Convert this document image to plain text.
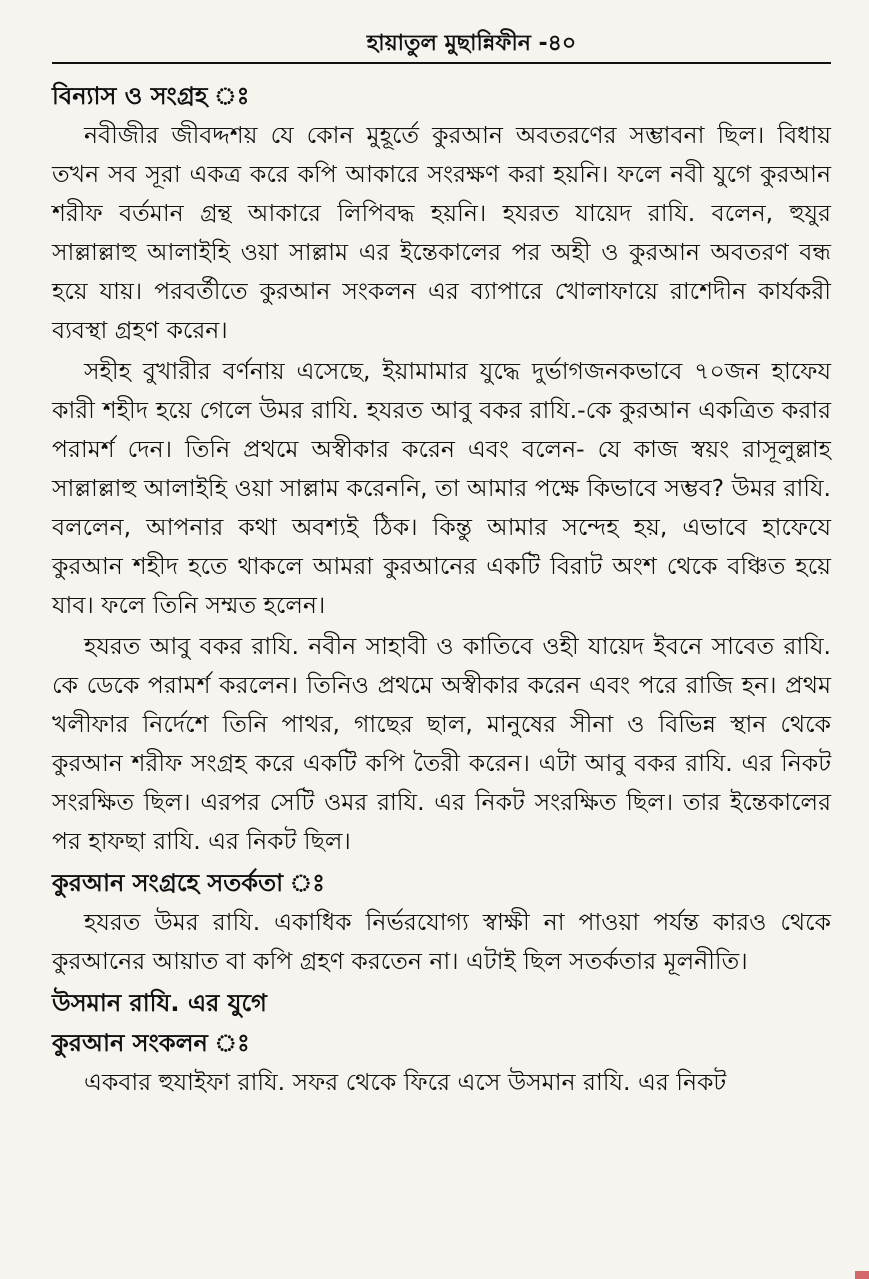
হায়াতুল মুছান্নিফীন -৪০
বিন্যাস ও সংগ্রহ ঃ

নবীজীর জীবদ্দশয় যে কোন মুহূর্তে কুরআন অবতরণের সম্ভাবনা ছিল। বিধায় তখন সব সূরা একত্র করে কপি আকারে সংরক্ষণ করা হয়নি। ফলে নবী যুগে কুরআন শরীফ বর্তমান গ্রন্থ আকারে লিপিবদ্ধ হয়নি। হযরত যায়েদ রাযি. বলেন, হুযুর সাল্লাল্লাহু আলাইহি ওয়া সাল্লাম এর ইন্তেকালের পর অহী ও কুরআন অবতরণ বন্ধ হয়ে যায়। পরবর্তীতে কুরআন সংকলন এর ব্যাপারে খোলাফায়ে রাশেদীন কার্যকরী ব্যবস্থা গ্রহণ করেন।

সহীহ বুখারীর বর্ণনায় এসেছে, ইয়ামামার যুদ্ধে দুর্ভাগজনকভাবে ৭০জন হাফেয কারী শহীদ হয়ে গেলে উমর রাযি. হযরত আবু বকর রাযি.-কে কুরআন একত্রিত করার পরামর্শ দেন। তিনি প্রথমে অস্বীকার করেন এবং বলেন- যে কাজ স্বয়ং রাসূলুল্লাহ সাল্লাল্লাহু আলাইহি ওয়া সাল্লাম করেননি, তা আমার পক্ষে কিভাবে সম্ভব? উমর রাযি. বললেন, আপনার কথা অবশ্যই ঠিক। কিন্তু আমার সন্দেহ হয়, এভাবে হাফেযে কুরআন শহীদ হতে থাকলে আমরা কুরআনের একটি বিরাট অংশ থেকে বঞ্চিত হয়ে যাব। ফলে তিনি সম্মত হলেন।

হযরত আবু বকর রাযি. নবীন সাহাবী ও কাতিবে ওহী যায়েদ ইবনে সাবেত রাযি. কে ডেকে পরামর্শ করলেন। তিনিও প্রথমে অস্বীকার করেন এবং পরে রাজি হন। প্রথম খলীফার নির্দেশে তিনি পাথর, গাছের ছাল, মানুষের সীনা ও বিভিন্ন স্থান থেকে কুরআন শরীফ সংগ্রহ করে একটি কপি তৈরী করেন। এটা আবু বকর রাযি. এর নিকট সংরক্ষিত ছিল। এরপর সেটি ওমর রাযি. এর নিকট সংরক্ষিত ছিল। তার ইন্তেকালের পর হাফছা রাযি. এর নিকট ছিল।

কুরআন সংগ্রহে সতর্কতা ঃ

হযরত উমর রাযি. একাধিক নির্ভরযোগ্য স্বাক্ষী না পাওয়া পর্যন্ত কারও থেকে কুরআনের আয়াত বা কপি গ্রহণ করতেন না। এটাই ছিল সতর্কতার মূলনীতি।

উসমান রাযি. এর যুগে
কুরআন সংকলন ঃ

একবার হুযাইফা রাযি. সফর থেকে ফিরে এসে উসমান রাযি. এর নিকট
